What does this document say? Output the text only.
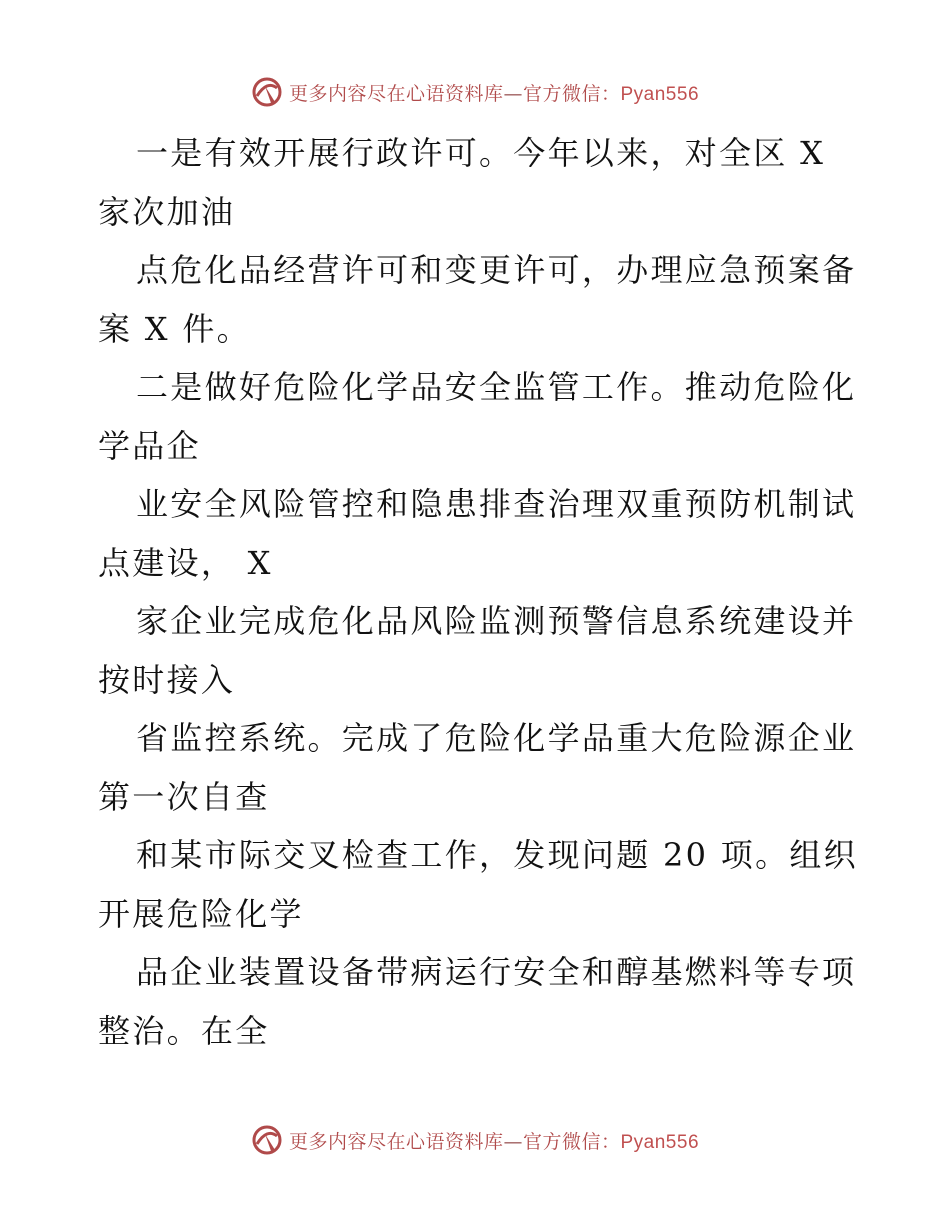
更多内容尽在心语资料库—官方微信：Pyan556
一是有效开展行政许可。今年以来，对全区 X
家次加油
点危化品经营许可和变更许可，办理应急预案备
案 X 件。
二是做好危险化学品安全监管工作。推动危险化
学品企
业安全风险管控和隐患排查治理双重预防机制试
点建设， X
家企业完成危化品风险监测预警信息系统建设并
按时接入
省监控系统。完成了危险化学品重大危险源企业
第一次自查
和某市际交叉检查工作，发现问题 20 项。组织
开展危险化学
品企业装置设备带病运行安全和醇基燃料等专项
整治。在全
更多内容尽在心语资料库—官方微信：Pyan556
